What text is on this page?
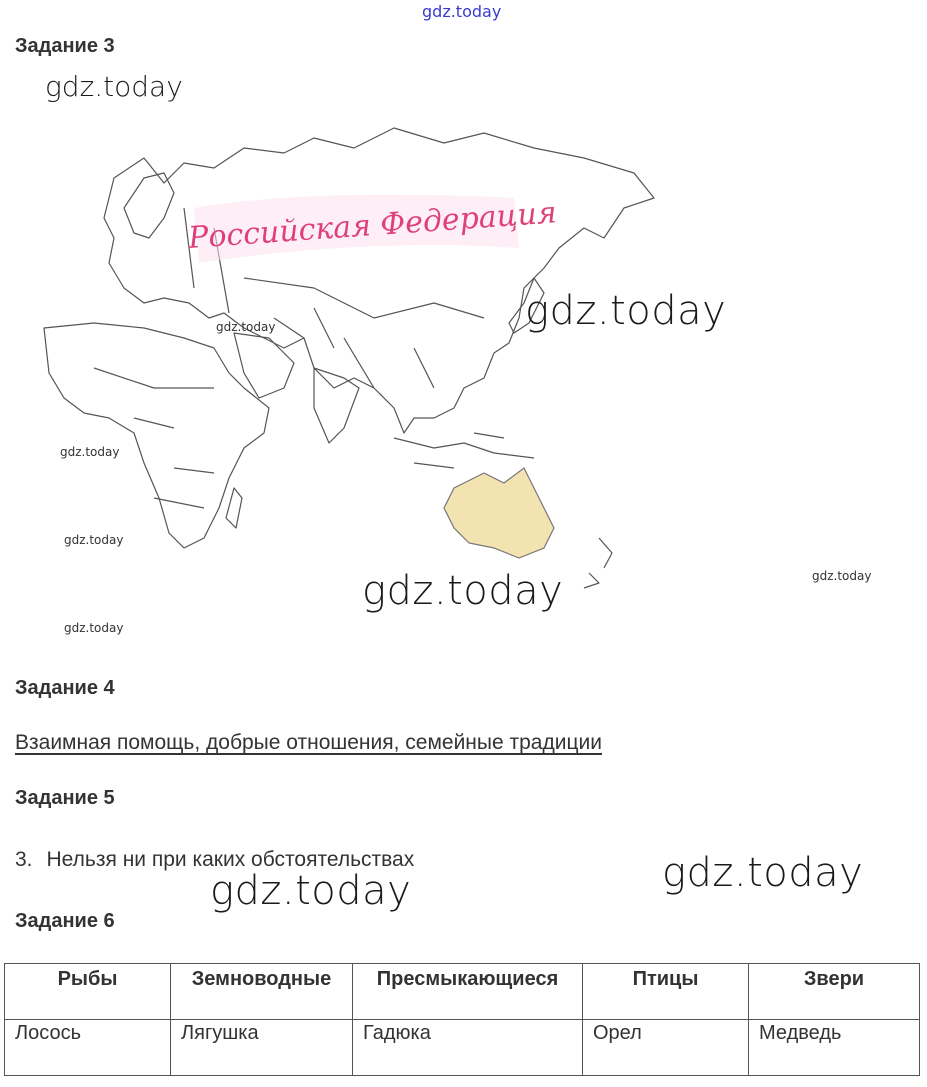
gdz.today
Задание 3
Российская Федерация
gdz.today
gdz.today
gdz.today
gdz.today
gdz.today
gdz.today	gdz.today
gdz.today
gdz.today
gdz.today
Задание 4
Взаимная помощь, добрые отношения, семейные традиции
Задание 5
3. Нельзя ни при каких обстоятельствах
Задание 6
Рыбы	Земноводные	Пресмыкающиеся	Птицы	Звери
Лосось	Лягушка	Гадюка	Орел	Медведь
